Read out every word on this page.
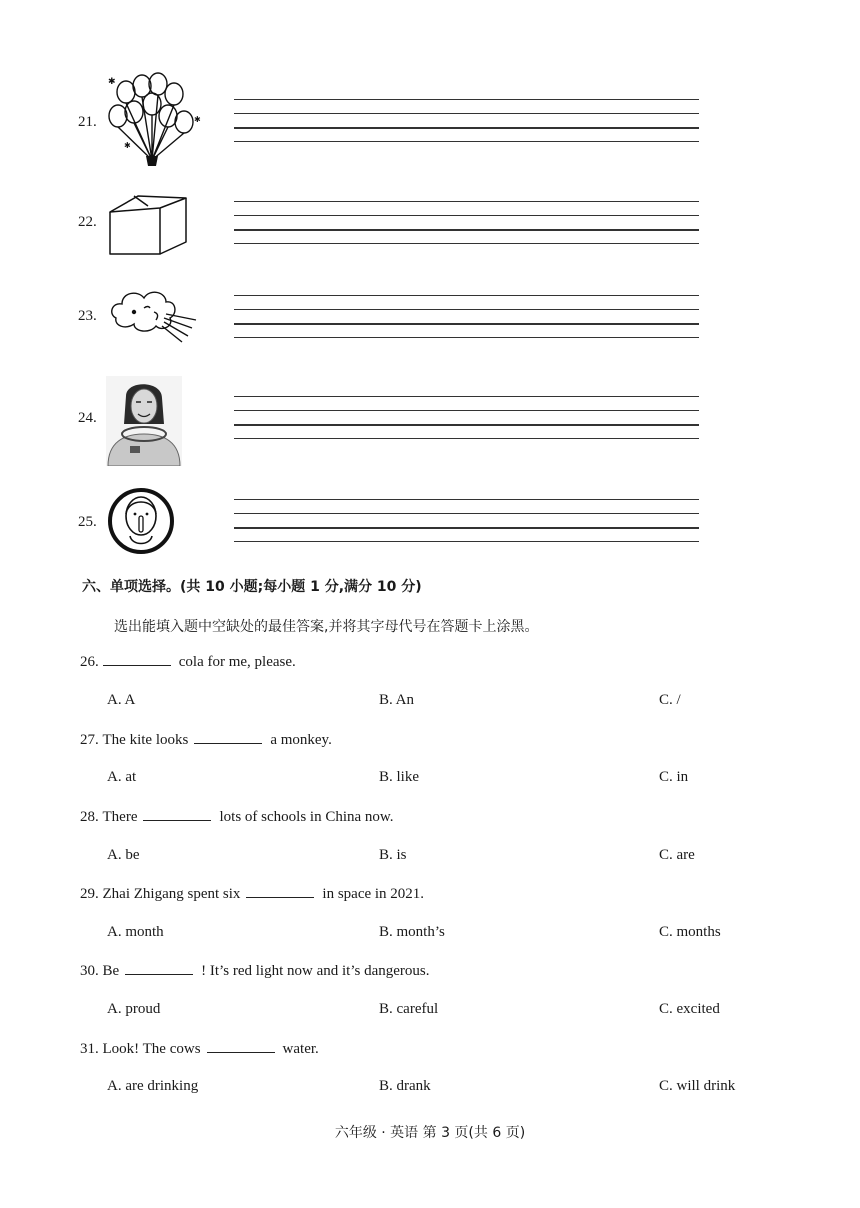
21.
✱
✱
✱
22.
23.
24.
25.
六、单项选择。(共 10 小题;每小题 1 分,满分 10 分)
选出能填入题中空缺处的最佳答案,并将其字母代号在答题卡上涂黑。
26.	cola for me, please.
A. A	B. An	C. /
27. The kite looks	a monkey.
A. at	B. like	C. in
28. There	lots of schools in China now.
A. be	B. is	C. are
29. Zhai Zhigang spent six	in space in 2021.
A. month	B. month’s	C. months
30. Be	! It’s red light now and it’s dangerous.
A. proud	B. careful	C. excited
31. Look! The cows	water.
A. are drinking	B. drank	C. will drink
六年级 · 英语 第 3 页(共 6 页)
